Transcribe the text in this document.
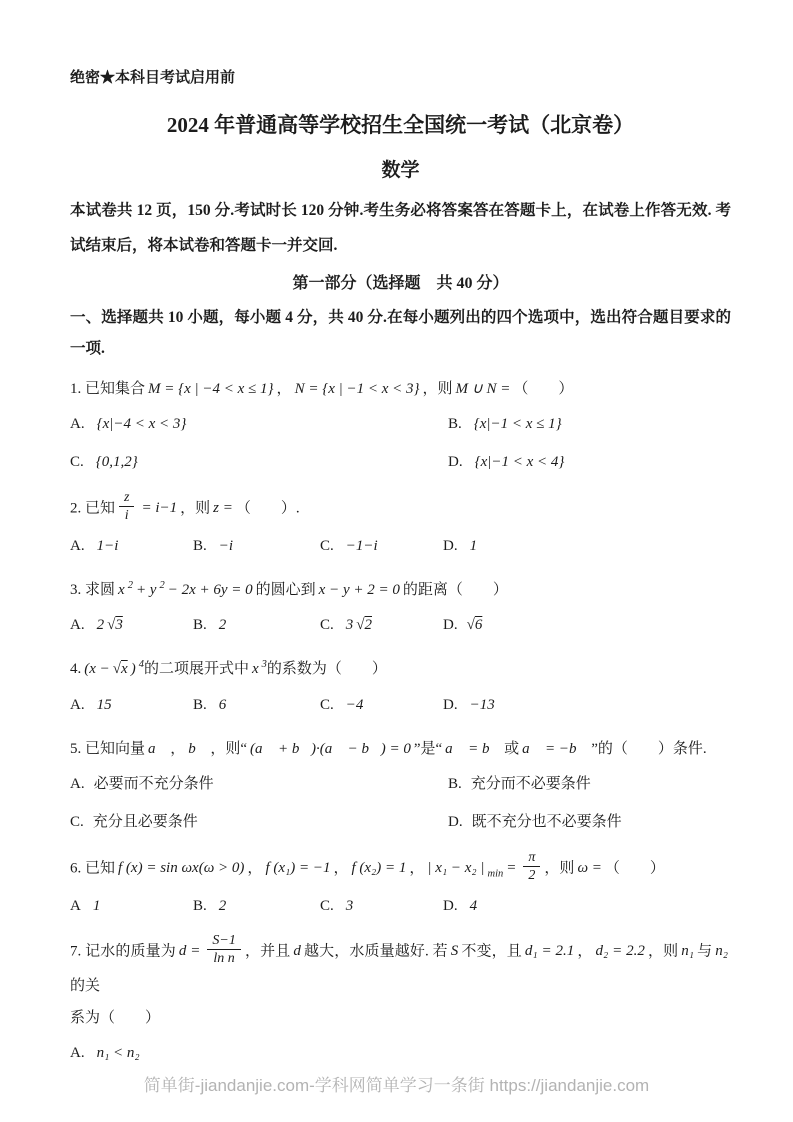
绝密★本科目考试启用前
2024 年普通高等学校招生全国统一考试（北京卷）
数学
本试卷共 12 页，150 分.考试时长 120 分钟.考生务必将答案答在答题卡上，在试卷上作答无效. 考试结束后，将本试卷和答题卡一并交回.
第一部分（选择题　共 40 分）
一、选择题共 10 小题，每小题 4 分，共 40 分.在每小题列出的四个选项中，选出符合题目要求的一项.
1. 已知集合 M = {x | −4 < x ≤ 1} ， N = {x | −1 < x < 3} ，则 M ∪ N = （　　）
A. {x|−4 < x < 3}	B. {x|−1 < x ≤ 1}
C. {0,1,2}	D. {x|−1 < x < 4}
2. 已知 $\frac{z}{i} = i-1$ ，则 z = （　　）.
A. 1−i	B. −i	C. −1−i	D. 1
3. 求圆 x $^2$ + y $^2$ − 2x + 6y = 0 的圆心到 x − y + 2 = 0 的距离（　　）
A. 2 √3	B. 2	C. 3 √2	D. √6
4. (x − √x ) $^4$的二项展开式中 x $^3$的系数为（　　）
A. 15	B. 6	C. −4	D. −13
5. 已知向量 a⃗ ， b⃗ ，则“ (a⃗ + b⃗)·(a⃗ − b⃗) = 0 ”是“ a⃗ = b⃗ 或 a⃗ = −b⃗ ”的（　　）条件.
A. 必要而不充分条件	B. 充分而不必要条件
C. 充分且必要条件	D. 既不充分也不必要条件
6. 已知 f (x) = sin ωx(ω > 0) ， f (x₁) = −1 ， f (x₂) = 1 ， | x₁ − x₂ | $_{min} = \frac{\pi}{2}$ ，则 ω = （　　）
A 1	B. 2	C. 3	D. 4
7. 记水的质量为 $d = \frac{S-1}{\text{ln n}}$ ，并且 d 越大，水质量越好. 若 S 不变，且 d₁ = 2.1 ， d₂ = 2.2 ，则 n₁ 与 n₂的关
系为（　　）
A. n₁ < n₂
简单街-jiandanjie.com-学科网简单学习一条街 https://jiandanjie.com
